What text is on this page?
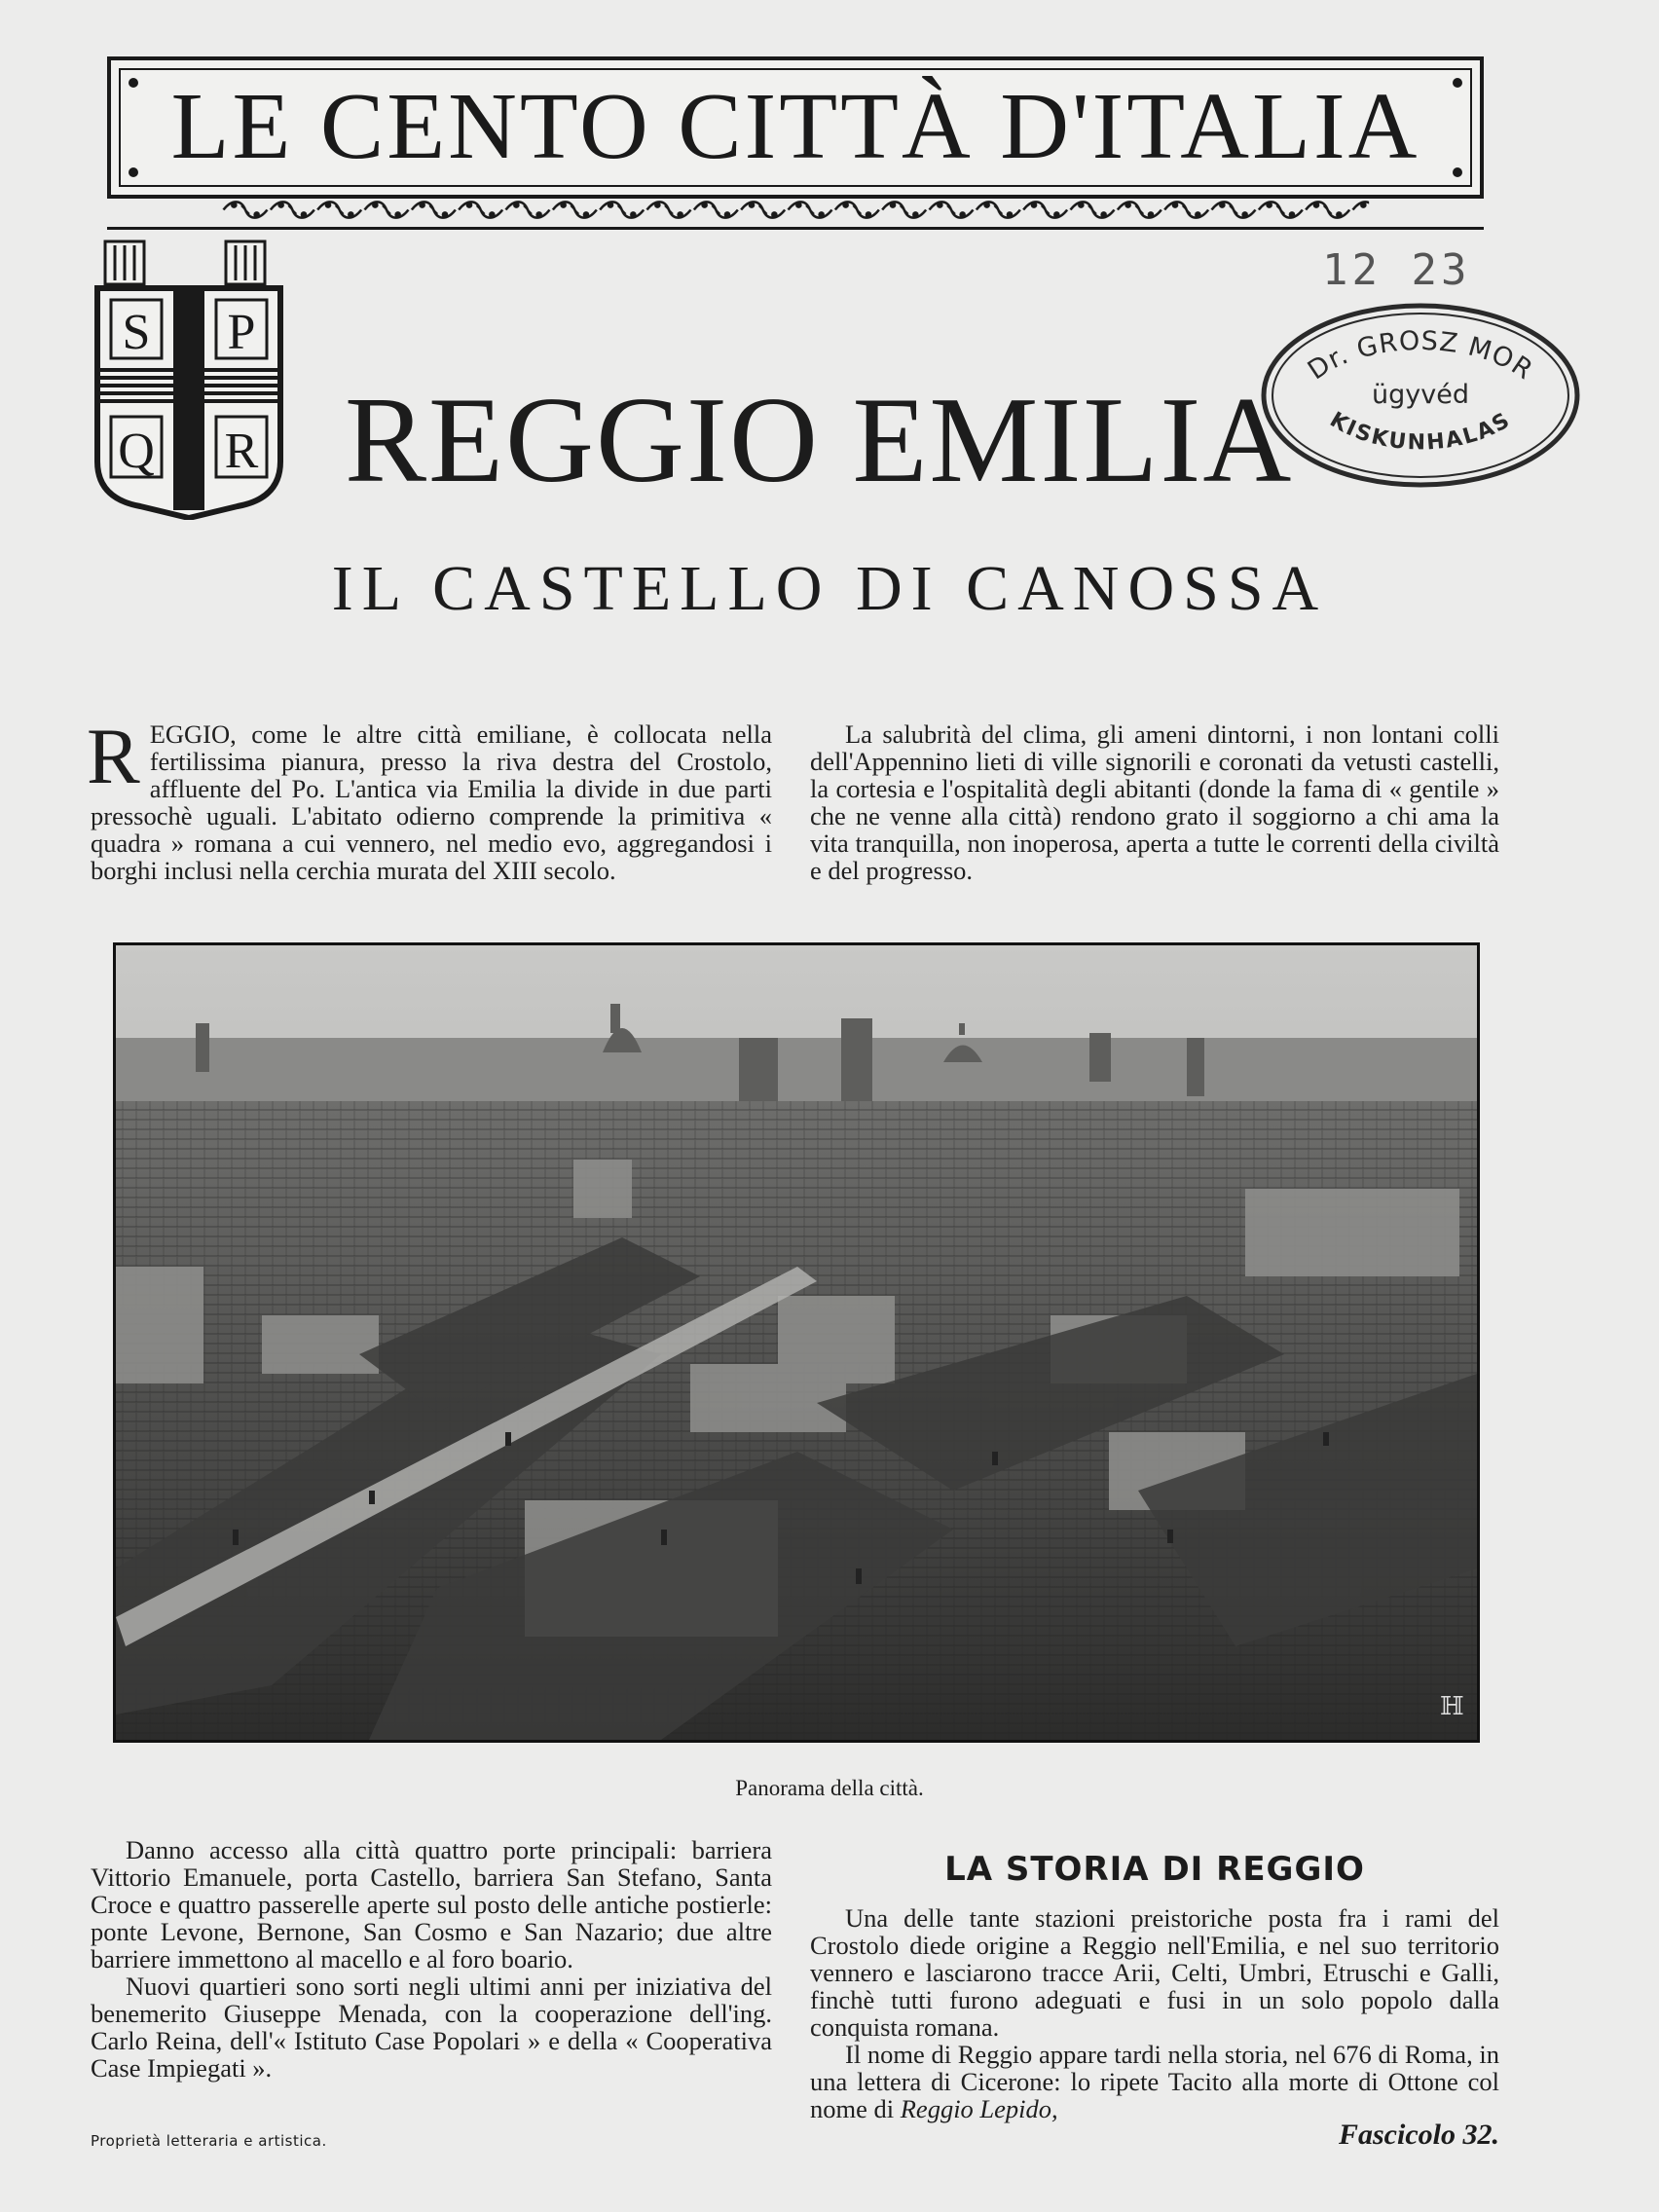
LE CENTO CITTÀ D'ITALIA
S P
Q R REGGIO EMILIA
12 23
Dr. GROSZ MOR
ügyvéd
KISKUNHALAS
IL CASTELLO DI CANOSSA
REGGIO, come le altre città emiliane, è collocata nella fertilissima pianura, presso la riva destra del Crostolo, affluente del Po. L'antica via Emilia la divide in due parti pressochè uguali. L'abitato odierno comprende la primitiva « quadra » romana a cui vennero, nel medio evo, aggregandosi i borghi inclusi nella cerchia murata del XIII secolo.
La salubrità del clima, gli ameni dintorni, i non lontani colli dell'Appennino lieti di ville signorili e coronati da vetusti castelli, la cortesia e l'ospitalità degli abitanti (donde la fama di « gentile » che ne venne alla città) rendono grato il soggiorno a chi ama la vita tranquilla, non inoperosa, aperta a tutte le correnti della civiltà e del progresso.
ℍ
Panorama della città.
Danno accesso alla città quattro porte principali: barriera Vittorio Emanuele, porta Castello, barriera San Stefano, Santa Croce e quattro passerelle aperte sul posto delle antiche postierle: ponte Levone, Bernone, San Cosmo e San Nazario; due altre barriere immettono al macello e al foro boario.
Nuovi quartieri sono sorti negli ultimi anni per iniziativa del benemerito Giuseppe Menada, con la cooperazione dell'ing. Carlo Reina, dell'« Istituto Case Popolari » e della « Cooperativa Case Impiegati ».
LA STORIA DI REGGIO
Una delle tante stazioni preistoriche posta fra i rami del Crostolo diede origine a Reggio nell'Emilia, e nel suo territorio vennero e lasciarono tracce Arii, Celti, Umbri, Etruschi e Galli, finchè tutti furono adeguati e fusi in un solo popolo dalla conquista romana.
Il nome di Reggio appare tardi nella storia, nel 676 di Roma, in una lettera di Cicerone: lo ripete Tacito alla morte di Ottone col nome di Reggio Lepido,
Proprietà letteraria e artistica.	Fascicolo 32.
